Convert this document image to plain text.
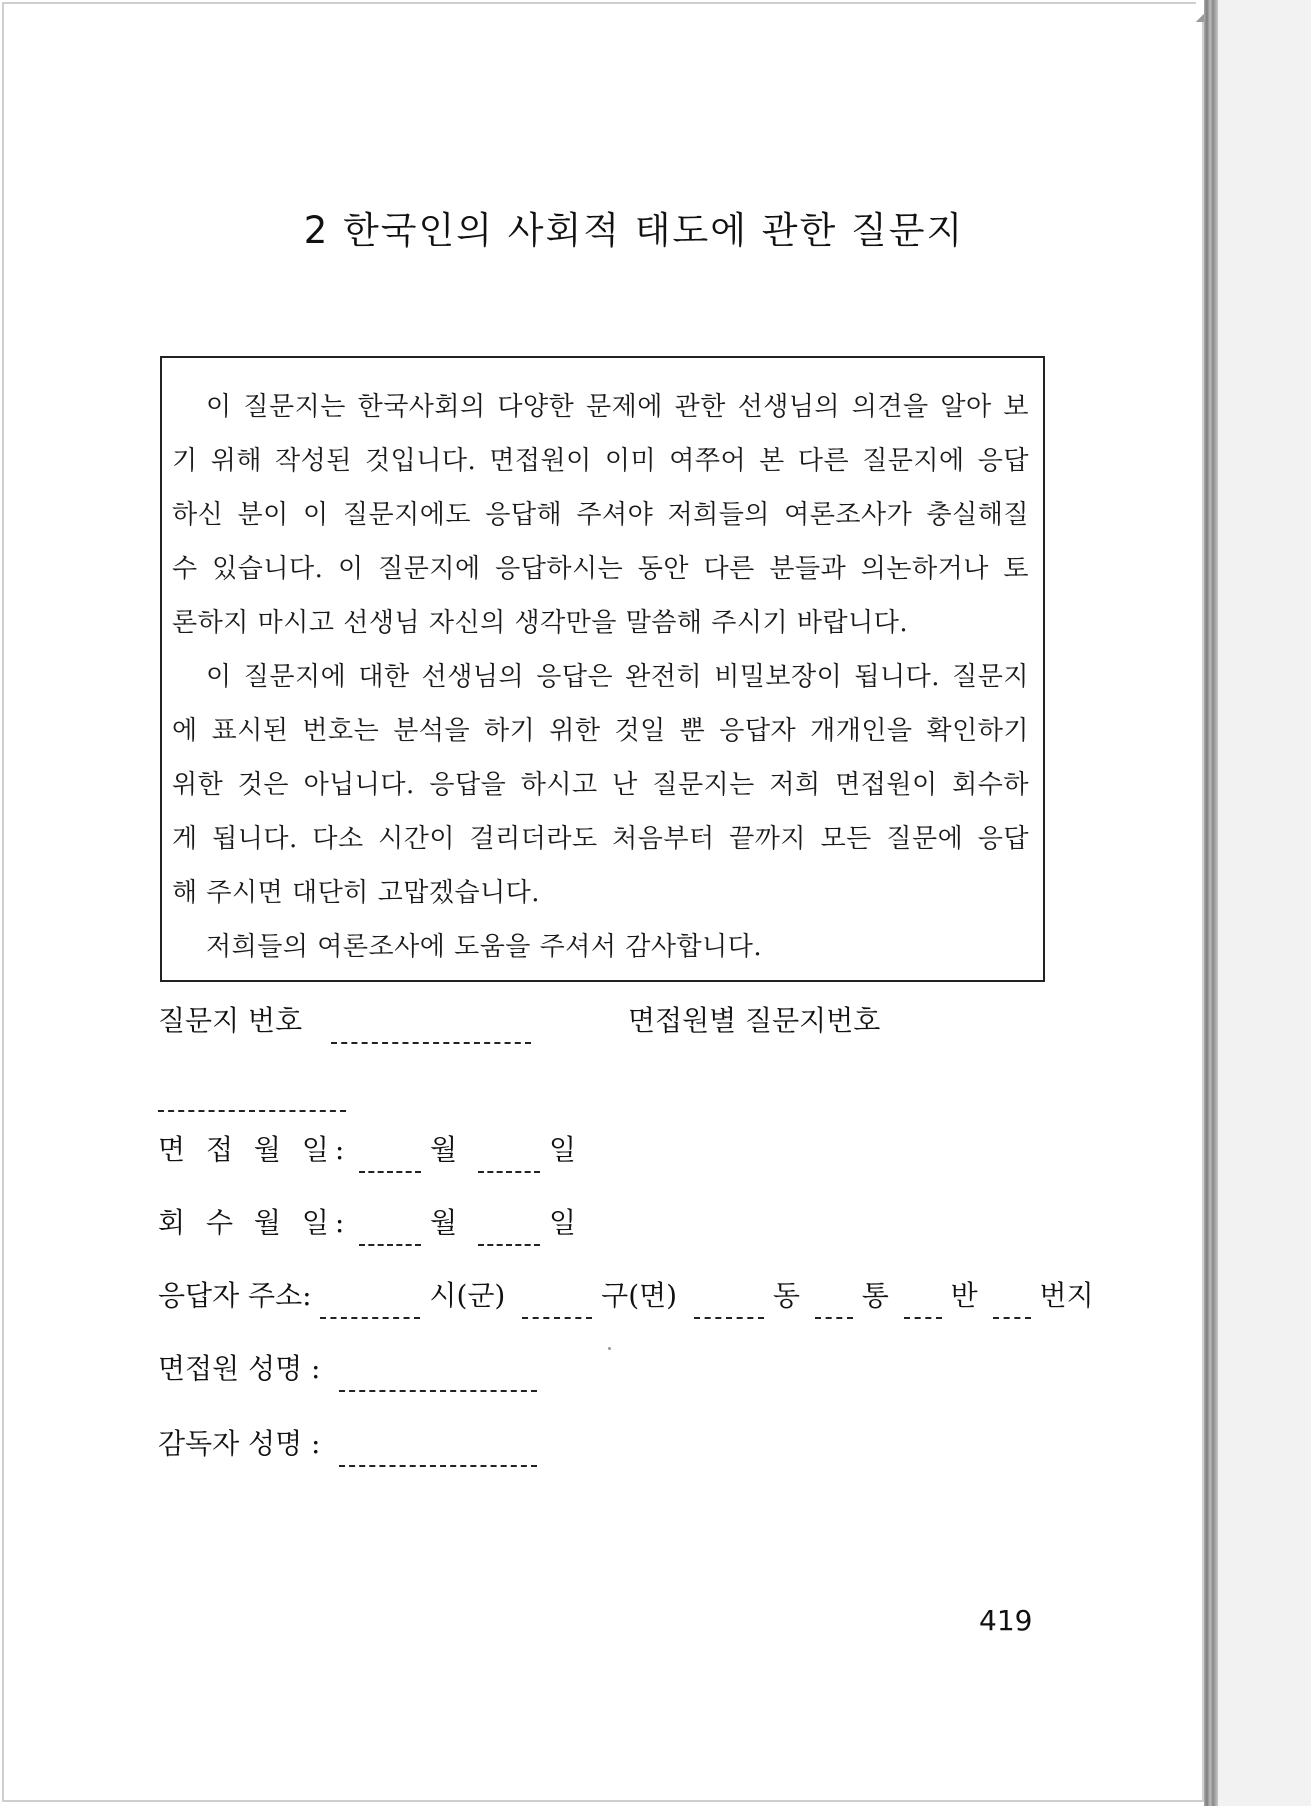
2 한국인의 사회적 태도에 관한 질문지
이 질문지는 한국사회의 다양한 문제에 관한 선생님의 의견을 알아 보
기 위해 작성된 것입니다. 면접원이 이미 여쭈어 본 다른 질문지에 응답
하신 분이 이 질문지에도 응답해 주셔야 저희들의 여론조사가 충실해질
수 있습니다. 이 질문지에 응답하시는 동안 다른 분들과 의논하거나 토
론하지 마시고 선생님 자신의 생각만을 말씀해 주시기 바랍니다.
이 질문지에 대한 선생님의 응답은 완전히 비밀보장이 됩니다. 질문지
에 표시된 번호는 분석을 하기 위한 것일 뿐 응답자 개개인을 확인하기
위한 것은 아닙니다. 응답을 하시고 난 질문지는 저희 면접원이 회수하
게 됩니다. 다소 시간이 걸리더라도 처음부터 끝까지 모든 질문에 응답
해 주시면 대단히 고맙겠습니다.
저희들의 여론조사에 도움을 주셔서 감사합니다.
질문지 번호	면접원별 질문지번호
면 접 월 일:	월	일
회 수 월 일:	월	일
응답자 주소:	시(군)	구(면)	동 통 반 번지
면접원 성명 :
감독자 성명 :
419
